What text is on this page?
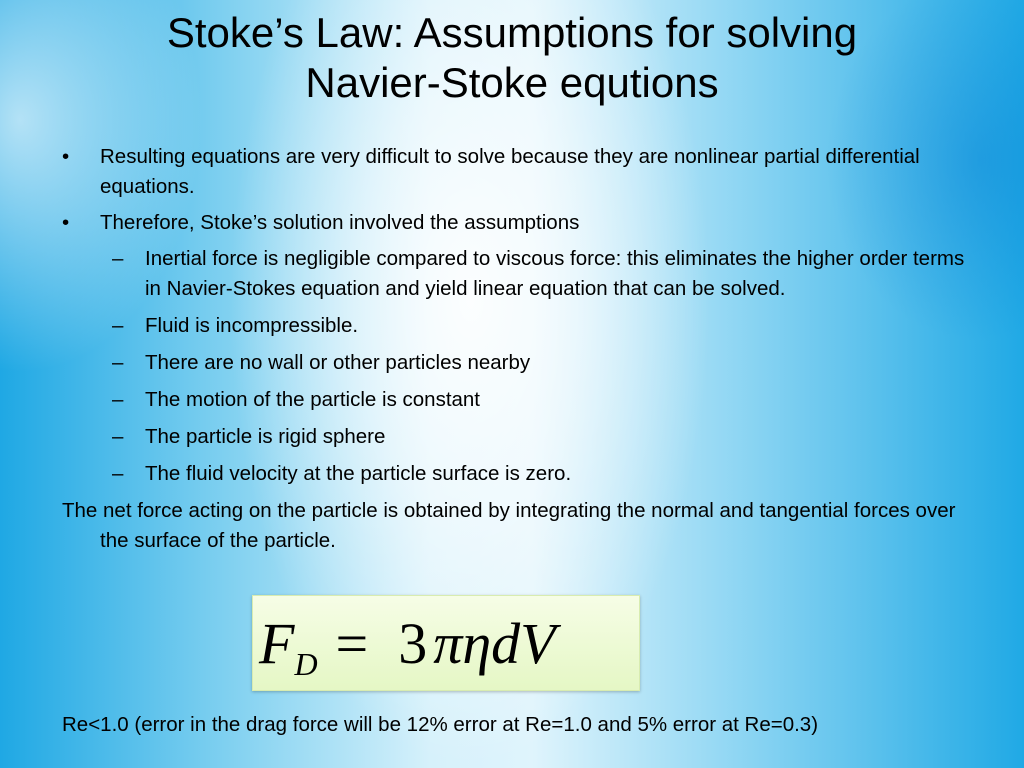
Stoke’s Law: Assumptions for solving
Navier-Stoke equtions
• Resulting equations are very difficult to solve because they are nonlinear partial differential equations.
• Therefore, Stoke’s solution involved the assumptions
– Inertial force is negligible compared to viscous force: this eliminates the higher order terms in Navier-Stokes equation and yield linear equation that can be solved.
– Fluid is incompressible.
– There are no wall or other particles nearby
– The motion of the particle is constant
– The particle is rigid sphere
– The fluid velocity at the particle surface is zero.
The net force acting on the particle is obtained by integrating the normal and tangential forces over the surface of the particle.
$F_D = 3$ πηdV
Re<1.0 (error in the drag force will be 12% error at Re=1.0 and 5% error at Re=0.3)
